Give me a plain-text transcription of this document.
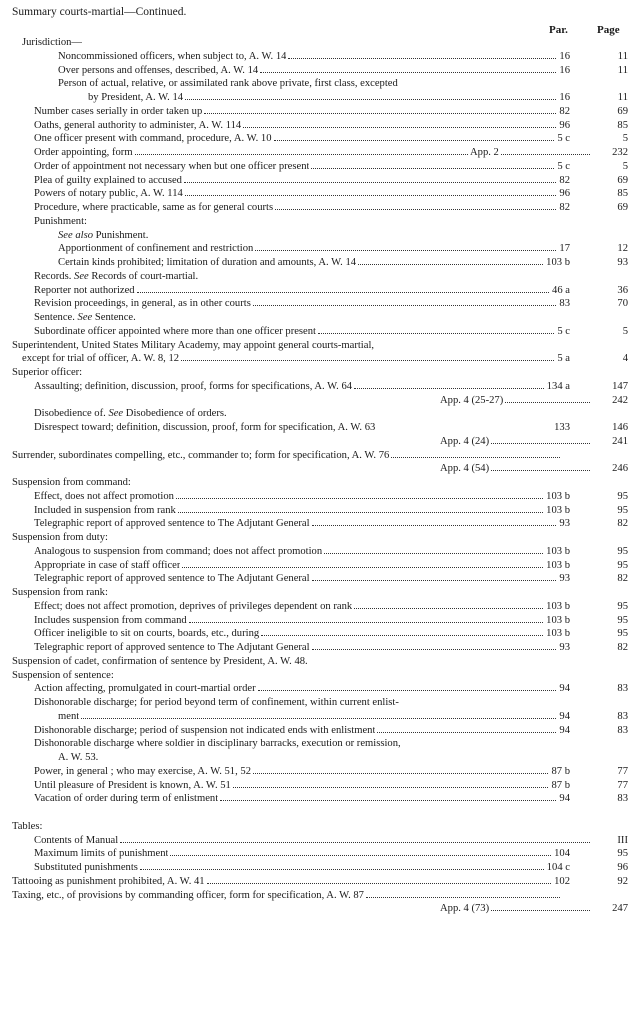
Summary courts-martial—Continued.
Par.	Page
Jurisdiction—
Noncommissioned officers, when subject to, A. W. 14	16	11
Over persons and offenses, described, A. W. 14	16	11
Person of actual, relative, or assimilated rank above private, first class, excepted
by President, A. W. 14	16	11
Number cases serially in order taken up	82	69
Oaths, general authority to administer, A. W. 114	96	85
One officer present with command, procedure, A. W. 10	5 c	5
Order appointing, form	App. 2	232
Order of appointment not necessary when but one officer present	5 c	5
Plea of guilty explained to accused	82	69
Powers of notary public, A. W. 114	96	85
Procedure, where practicable, same as for general courts	82	69
Punishment:
See also Punishment.
Apportionment of confinement and restriction	17	12
Certain kinds prohibited; limitation of duration and amounts, A. W. 14	103 b	93
Records. See Records of court-martial.
Reporter not authorized	46 a	36
Revision proceedings, in general, as in other courts	83	70
Sentence. See Sentence.
Subordinate officer appointed where more than one officer present	5 c	5
Superintendent, United States Military Academy, may appoint general courts-martial,
except for trial of officer, A. W. 8, 12	5 a	4
Superior officer:
Assaulting; definition, discussion, proof, forms for specifications, A. W. 64	134 a	147
App. 4 (25-27)	242
Disobedience of. See Disobedience of orders.
Disrespect toward; definition, discussion, proof, form for specification, A. W. 63	133	146
App. 4 (24)	241
Surrender, subordinates compelling, etc., commander to; form for specification, A. W. 76
App. 4 (54)	246
Suspension from command:
Effect, does not affect promotion	103 b	95
Included in suspension from rank	103 b	95
Telegraphic report of approved sentence to The Adjutant General	93	82
Suspension from duty:
Analogous to suspension from command; does not affect promotion	103 b	95
Appropriate in case of staff officer	103 b	95
Telegraphic report of approved sentence to The Adjutant General	93	82
Suspension from rank:
Effect; does not affect promotion, deprives of privileges dependent on rank	103 b	95
Includes suspension from command	103 b	95
Officer ineligible to sit on courts, boards, etc., during	103 b	95
Telegraphic report of approved sentence to The Adjutant General	93	82
Suspension of cadet, confirmation of sentence by President, A. W. 48.
Suspension of sentence:
Action affecting, promulgated in court-martial order	94	83
Dishonorable discharge; for period beyond term of confinement, within current enlist-
ment	94	83
Dishonorable discharge; period of suspension not indicated ends with enlistment	94	83
Dishonorable discharge where soldier in disciplinary barracks, execution or remission,
A. W. 53.
Power, in general ; who may exercise, A. W. 51, 52	87 b	77
Until pleasure of President is known, A. W. 51	87 b	77
Vacation of order during term of enlistment	94	83
Tables:
Contents of Manual	III
Maximum limits of punishment	104	95
Substituted punishments	104 c	96
Tattooing as punishment prohibited, A. W. 41	102	92
Taxing, etc., of provisions by commanding officer, form for specification, A. W. 87
App. 4 (73)	247
